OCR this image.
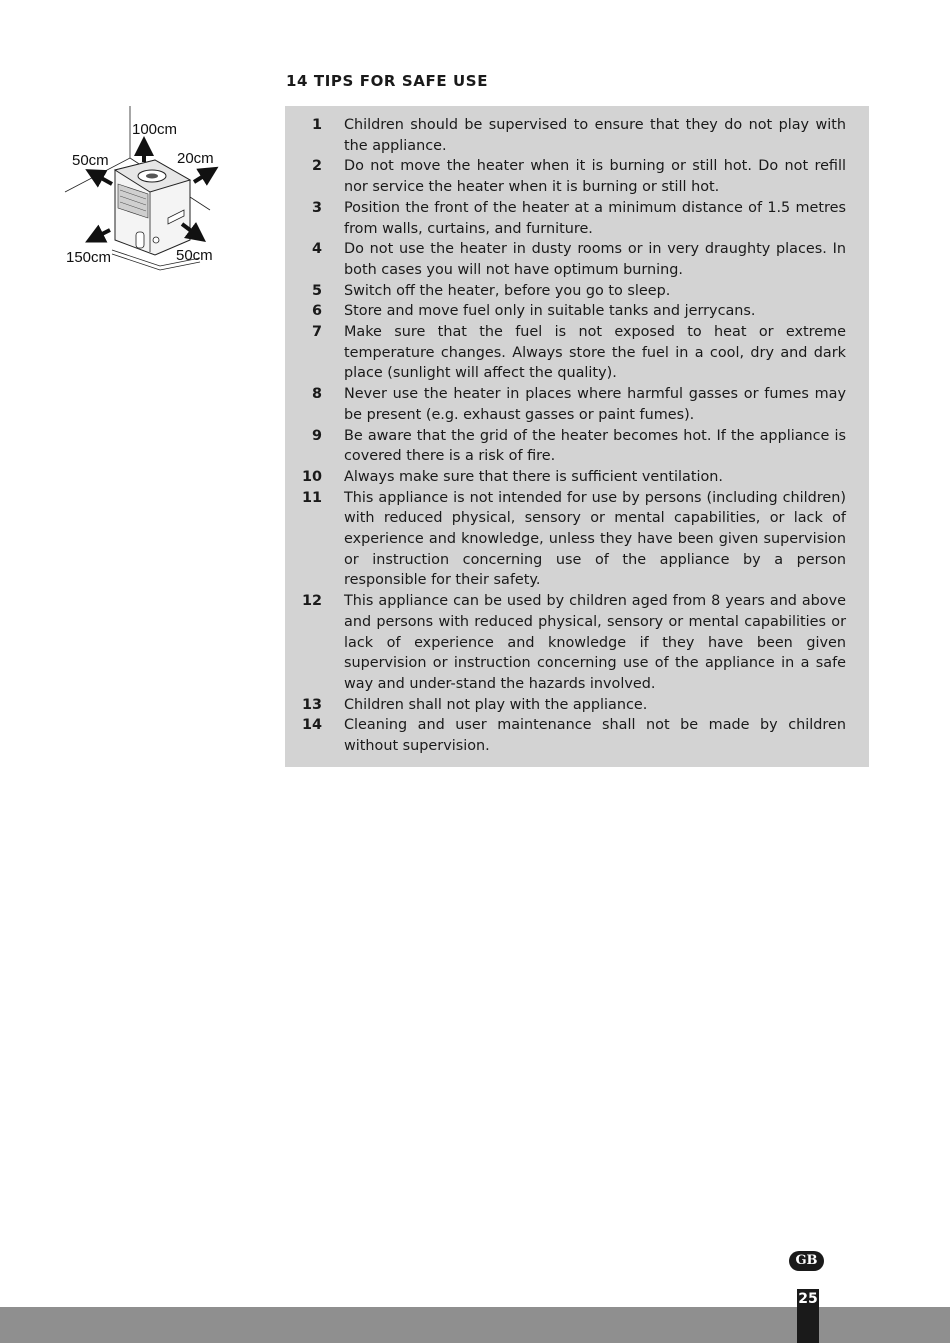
14 TIPS FOR SAFE USE
100cm
50cm	20cm
150cm	50cm
1 Children should be supervised to ensure that they do not play with the appliance.
2 Do not move the heater when it is burning or still hot. Do not refill nor service the heater when it is burning or still hot.
3 Position the front of the heater at a minimum distance of 1.5 metres from walls, curtains, and furniture.
4 Do not use the heater in dusty rooms or in very draughty places. In both cases you will not have optimum burning.
5 Switch off the heater, before you go to sleep.
6 Store and move fuel only in suitable tanks and jerrycans.
7 Make sure that the fuel is not exposed to heat or extreme temperature changes. Always store the fuel in a cool, dry and dark place (sunlight will affect the quality).
8 Never use the heater in places where harmful gasses or fumes may be present (e.g. exhaust gasses or paint fumes).
9 Be aware that the grid of the heater becomes hot. If the appliance is covered there is a risk of fire.
10 Always make sure that there is sufficient ventilation.
11 This appliance is not intended for use by persons (including children) with reduced physical, sensory or mental capabilities, or lack of experience and knowledge, unless they have been given supervision or instruction concerning use of the appliance by a person responsible for their safety.
12 This appliance can be used by children aged from 8 years and above and persons with reduced physical, sensory or mental capabilities or lack of experience and knowledge if they have been given supervision or instruction concerning use of the appliance in a safe way and under-stand the hazards involved.
13 Children shall not play with the appliance.
14 Cleaning and user maintenance shall not be made by children without supervision.
GB
25
